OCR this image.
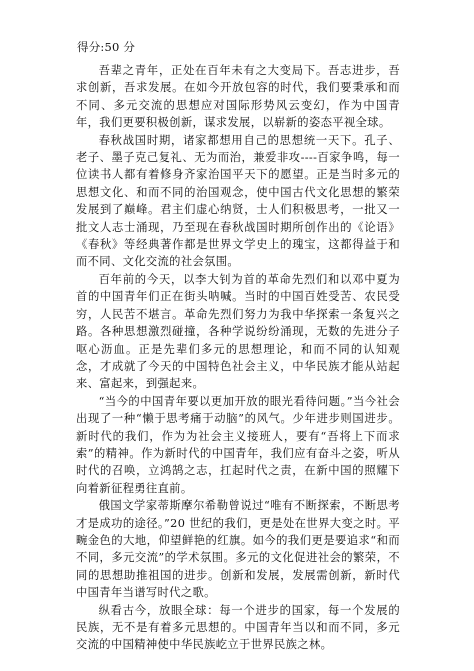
得分:50 分

吾辈之青年，正处在百年未有之大变局下。吾志进步，吾求创新，吾求发展。在如今开放包容的时代，我们要秉承和而不同、多元交流的思想应对国际形势风云变幻，作为中国青年，我们更要积极创新，谋求发展，以崭新的姿态平视全球。

春秋战国时期，诸家都想用自己的思想统一天下。孔子、老子、墨子克己复礼、无为而治，兼爱非攻----百家争鸣，每一位读书人都有着修身齐家治国平天下的愿望。正是当时多元的思想文化、和而不同的治国观念，使中国古代文化思想的繁荣发展到了巅峰。君主们虚心纳贤，士人们积极思考，一批又一批文人志士涌现，乃至现在春秋战国时期所创作出的《论语》《春秋》等经典著作都是世界文学史上的瑰宝，这都得益于和而不同、文化交流的社会氛围。

百年前的今天，以李大钊为首的革命先烈们和以邓中夏为首的中国青年们正在街头呐喊。当时的中国百姓受苦、农民受穷，人民苦不堪言。革命先烈们努力为我中华探索一条复兴之路。各种思想激烈碰撞，各种学说纷纷涌现，无数的先进分子呕心沥血。正是先辈们多元的思想理论，和而不同的认知观念，才成就了今天的中国特色社会主义，中华民族才能从站起来、富起来，到强起来。

“当今的中国青年要以更加开放的眼光看待问题。”当今社会出现了一种“懒于思考痛于动脑”的风气。少年进步则国进步。新时代的我们，作为为社会主义接班人，要有“吾将上下而求索”的精神。作为新时代的中国青年，我们应有奋斗之姿，听从时代的召唤，立鸿鹄之志，扛起时代之责，在新中国的照耀下向着新征程勇往直前。

俄国文学家蒂斯摩尔希勒曾说过“唯有不断探索，不断思考才是成功的途径。”20 世纪的我们，更是处在世界大变之时。平畹金色的大地，仰望鲜艳的红旗。如今的我们更是要追求“和而不同，多元交流”的学术氛围。多元的文化促进社会的繁荣，不同的思想助推祖国的进步。创新和发展，发展需创新，新时代中国青年当谱写时代之歌。

纵看古今，放眼全球：每一个进步的国家，每一个发展的民族，无不是有着多元思想的。中国青年当以和而不同，多元交流的中国精神使中华民族屹立于世界民族之林。
